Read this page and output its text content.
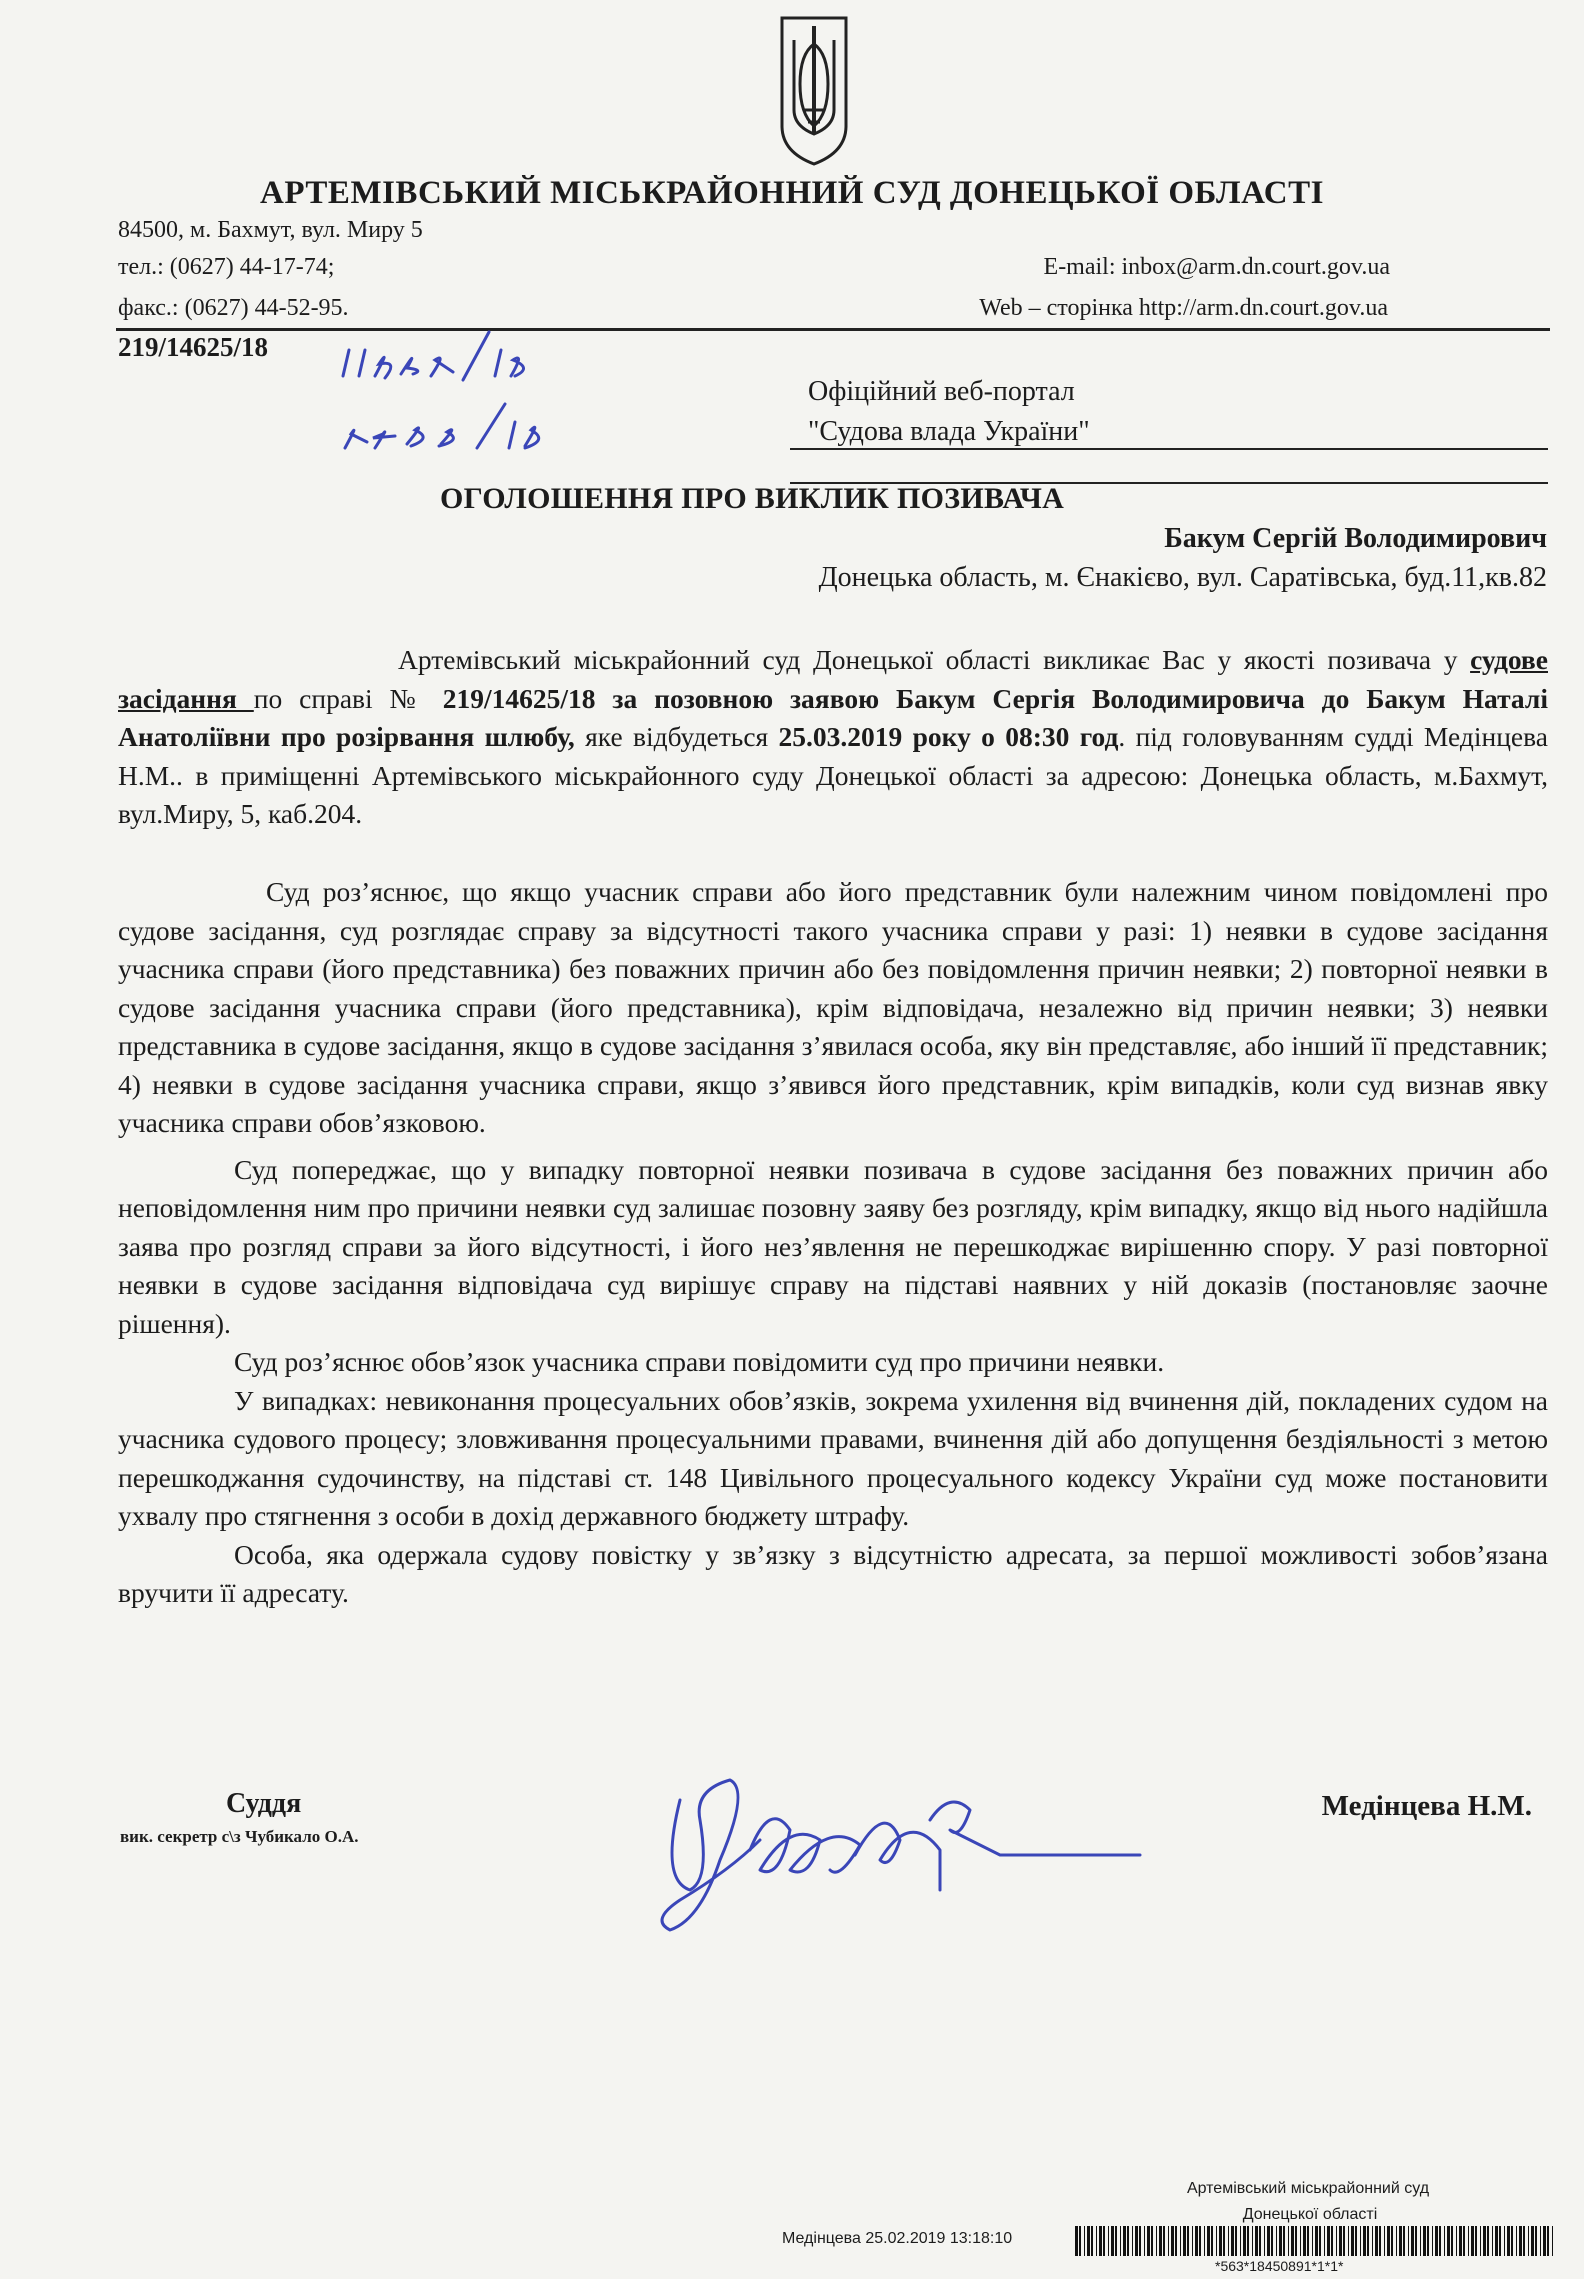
АРТЕМІВСЬКИЙ МІСЬКРАЙОННИЙ СУД ДОНЕЦЬКОЇ ОБЛАСТІ
84500, м. Бахмут, вул. Миру 5
тел.: (0627) 44-17-74;
факс.: (0627) 44-52-95.
E-mail: inbox@arm.dn.court.gov.ua
Web – сторінка http://arm.dn.court.gov.ua
219/14625/18
Офіційний веб-портал
"Судова влада України"
ОГОЛОШЕННЯ ПРО ВИКЛИК ПОЗИВАЧА
Бакум Сергій Володимирович
Донецька область, м. Єнакієво, вул. Саратівська, буд.11,кв.82

Артемівський міськрайонний суд Донецької області викликає Вас у якості позивача у судове засідання по справі № 219/14625/18 за позовною заявою Бакум Сергія Володимировича до Бакум Наталі Анатоліївни про розірвання шлюбу, яке відбудеться 25.03.2019 року о 08:30 год. під головуванням судді Медінцева Н.М.. в приміщенні Артемівського міськрайонного суду Донецької області за адресою: Донецька область, м.Бахмут, вул.Миру, 5, каб.204.

Суд роз’яснює, що якщо учасник справи або його представник були належним чином повідомлені про судове засідання, суд розглядає справу за відсутності такого учасника справи у разі: 1) неявки в судове засідання учасника справи (його представника) без поважних причин або без повідомлення причин неявки; 2) повторної неявки в судове засідання учасника справи (його представника), крім відповідача, незалежно від причин неявки; 3) неявки представника в судове засідання, якщо в судове засідання з’явилася особа, яку він представляє, або інший її представник; 4) неявки в судове засідання учасника справи, якщо з’явився його представник, крім випадків, коли суд визнав явку учасника справи обов’язковою.

Суд попереджає, що у випадку повторної неявки позивача в судове засідання без поважних причин або неповідомлення ним про причини неявки суд залишає позовну заяву без розгляду, крім випадку, якщо від нього надійшла заява про розгляд справи за його відсутності, і його нез’явлення не перешкоджає вирішенню спору. У разі повторної неявки в судове засідання відповідача суд вирішує справу на підставі наявних у ній доказів (постановляє заочне рішення).

Суд роз’яснює обов’язок учасника справи повідомити суд про причини неявки.

У випадках: невиконання процесуальних обов’язків, зокрема ухилення від вчинення дій, покладених судом на учасника судового процесу; зловживання процесуальними правами, вчинення дій або допущення бездіяльності з метою перешкоджання судочинству, на підставі ст. 148 Цивільного процесуального кодексу України суд може постановити ухвалу про стягнення з особи в дохід державного бюджету штрафу.

Особа, яка одержала судову повістку у зв’язку з відсутністю адресата, за першої можливості зобов’язана вручити її адресату.

Суддя
вик. секретр с\з Чубикало О.А.
Медінцева Н.М.
Артемівський міськрайонний суд
Донецької області
Медінцева 25.02.2019 13:18:10
*563*18450891*1*1*
